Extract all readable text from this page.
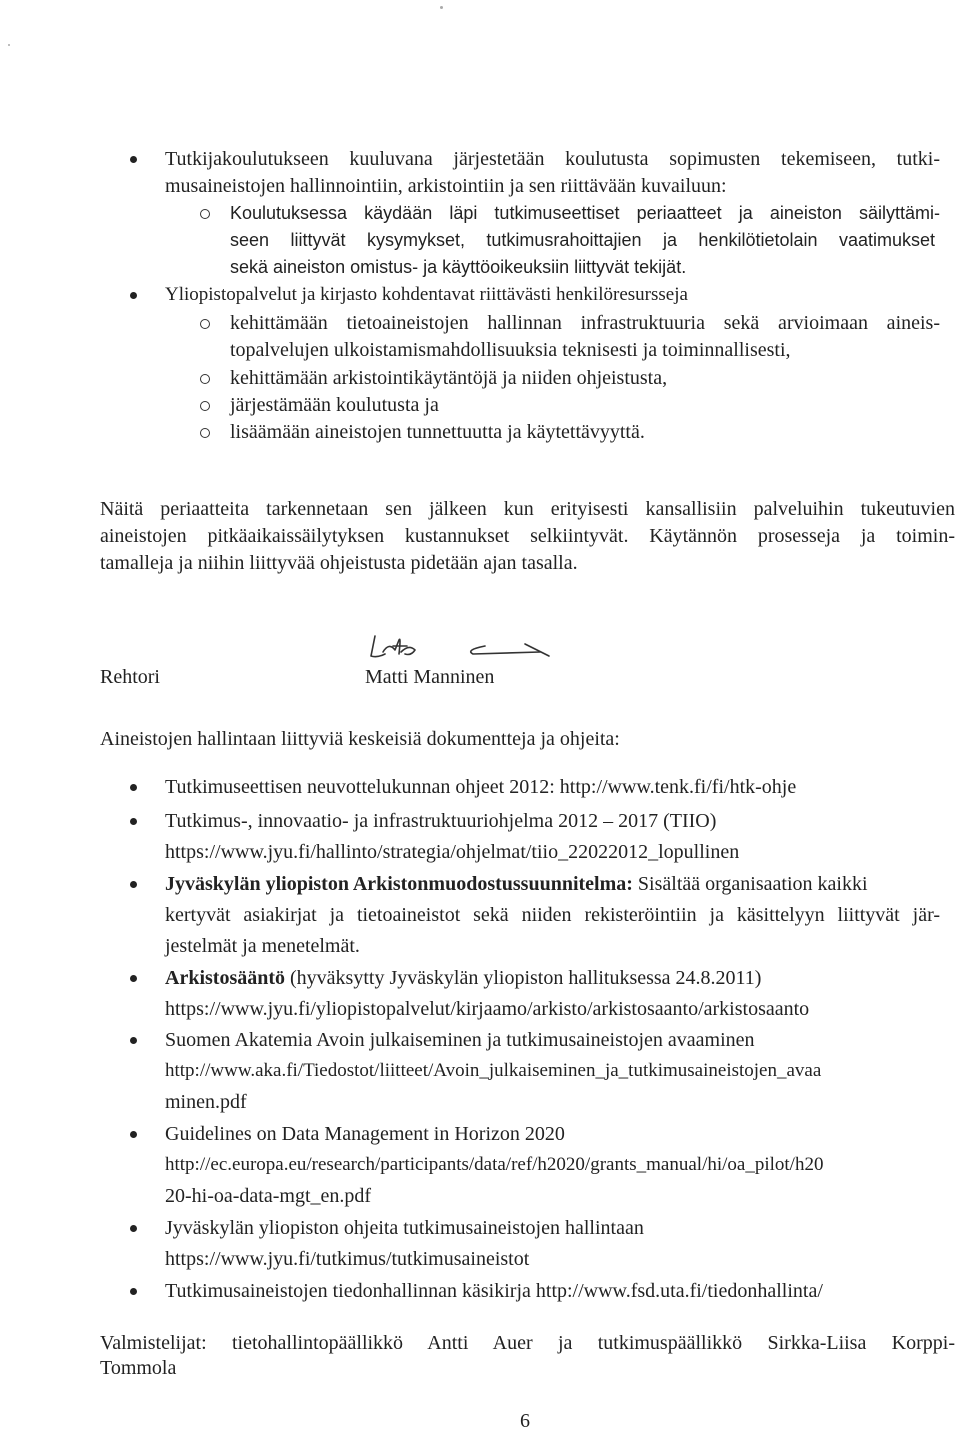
Tutkijakoulutukseen kuuluvana järjestetään koulutusta sopimusten tekemiseen, tutki-
musaineistojen hallinnointiin, arkistointiin ja sen riittävään kuvailuun:
Koulutuksessa käydään läpi tutkimuseettiset periaatteet ja aineiston säilyttämi-
seen liittyvät kysymykset, tutkimusrahoittajien ja henkilötietolain vaatimukset
sekä aineiston omistus- ja käyttöoikeuksiin liittyvät tekijät.
Yliopistopalvelut ja kirjasto kohdentavat riittävästi henkilöresursseja
kehittämään tietoaineistojen hallinnan infrastruktuuria sekä arvioimaan aineis-
topalvelujen ulkoistamismahdollisuuksia teknisesti ja toiminnallisesti,
kehittämään arkistointikäytäntöjä ja niiden ohjeistusta,
järjestämään koulutusta ja
lisäämään aineistojen tunnettuutta ja käytettävyyttä.
Näitä periaatteita tarkennetaan sen jälkeen kun erityisesti kansallisiin palveluihin tukeutuvien
aineistojen pitkäaikaissäilytyksen kustannukset selkiintyvät. Käytännön prosesseja ja toimin-
tamalleja ja niihin liittyvää ohjeistusta pidetään ajan tasalla.
Rehtori	Matti Manninen
Aineistojen hallintaan liittyviä keskeisiä dokumentteja ja ohjeita:
Tutkimuseettisen neuvottelukunnan ohjeet 2012: http://www.tenk.fi/fi/htk-ohje
Tutkimus-, innovaatio- ja infrastruktuuriohjelma 2012 – 2017 (TIIO)
https://www.jyu.fi/hallinto/strategia/ohjelmat/tiio_22022012_lopullinen
Jyväskylän yliopiston Arkistonmuodostussuunnitelma: Sisältää organisaation kaikki
kertyvät asiakirjat ja tietoaineistot sekä niiden rekisteröintiin ja käsittelyyn liittyvät jär-
jestelmät ja menetelmät.
Arkistosääntö (hyväksytty Jyväskylän yliopiston hallituksessa 24.8.2011)
https://www.jyu.fi/yliopistopalvelut/kirjaamo/arkisto/arkistosaanto/arkistosaanto
Suomen Akatemia Avoin julkaiseminen ja tutkimusaineistojen avaaminen
http://www.aka.fi/Tiedostot/liitteet/Avoin_julkaiseminen_ja_tutkimusaineistojen_avaa
minen.pdf
Guidelines on Data Management in Horizon 2020
http://ec.europa.eu/research/participants/data/ref/h2020/grants_manual/hi/oa_pilot/h20
20-hi-oa-data-mgt_en.pdf
Jyväskylän yliopiston ohjeita tutkimusaineistojen hallintaan
https://www.jyu.fi/tutkimus/tutkimusaineistot
Tutkimusaineistojen tiedonhallinnan käsikirja http://www.fsd.uta.fi/tiedonhallinta/
Valmistelijat: tietohallintopäällikkö Antti Auer ja tutkimuspäällikkö Sirkka-Liisa Korppi-
Tommola
6
